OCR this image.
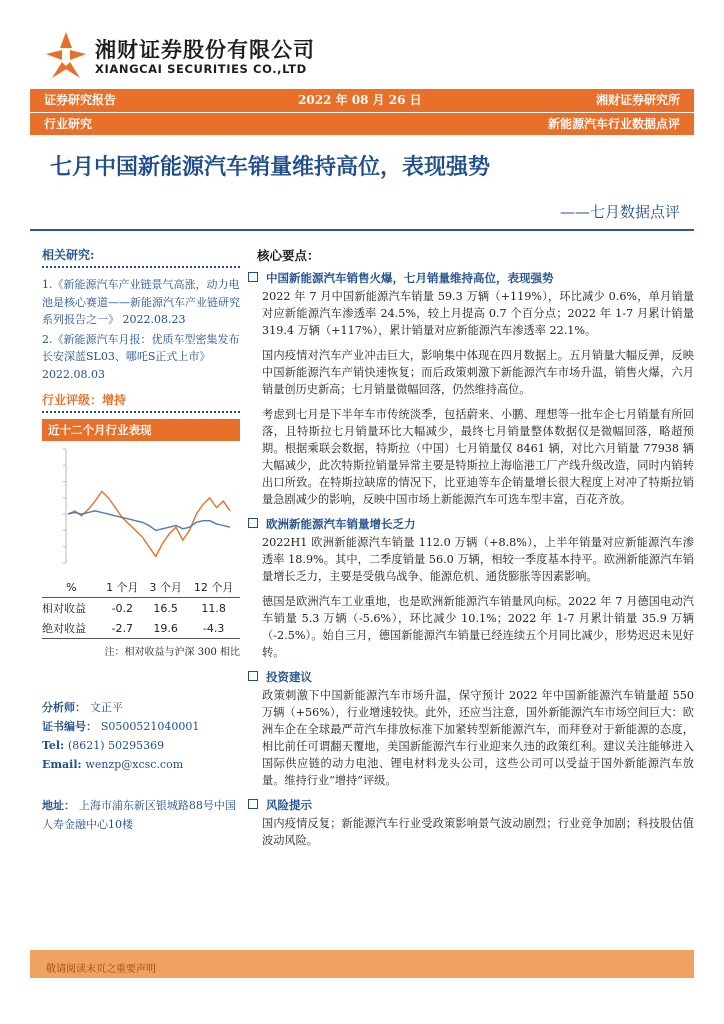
湘财证券股份有限公司
XIANGCAI SECURITIES CO.,LTD
证券研究报告	2022 年 08 月 26 日	湘财证券研究所
行业研究	新能源汽车行业数据点评
七月中国新能源汽车销量维持高位，表现强势
——七月数据点评
相关研究:
1.《新能源汽车产业链景气高涨，动力电池是核心赛道——新能源汽车产业链研究系列报告之一》 2022.08.23
2.《新能源汽车月报：优质车型密集发布 长安深蓝SL03、哪吒S正式上市》2022.08.03
行业评级：增持
近十二个月行业表现
%	1 个月	3 个月	12 个月
相对收益	-0.2	16.5	11.8
绝对收益	-2.7	19.6	-4.3
注：相对收益与沪深 300 相比
分析师： 文正平
证书编号： S0500521040001
Tel: (8621) 50295369
Email: wenzp@xcsc.com
地址： 上海市浦东新区银城路88号中国人寿金融中心10楼
核心要点：
中国新能源汽车销售火爆，七月销量维持高位，表现强势

2022 年 7 月中国新能源汽车销量 59.3 万辆（+119%），环比减少 0.6%，单月销量对应新能源汽车渗透率 24.5%，较上月提高 0.7 个百分点；2022 年 1-7 月累计销量 319.4 万辆（+117%），累计销量对应新能源汽车渗透率 22.1%。

国内疫情对汽车产业冲击巨大，影响集中体现在四月数据上。五月销量大幅反弹，反映中国新能源汽车产销快速恢复；而后政策刺激下新能源汽车市场升温，销售火爆，六月销量创历史新高；七月销量微幅回落，仍然维持高位。

考虑到七月是下半年车市传统淡季，包括蔚来、小鹏、理想等一批车企七月销量有所回落，且特斯拉七月销量环比大幅减少，最终七月销量整体数据仅是微幅回落，略超预期。根据乘联会数据，特斯拉（中国）七月销量仅 8461 辆，对比六月销量 77938 辆大幅减少，此次特斯拉销量异常主要是特斯拉上海临港工厂产线升级改造，同时内销转出口所致。在特斯拉缺席的情况下，比亚迪等车企销量增长很大程度上对冲了特斯拉销量急剧减少的影响，反映中国市场上新能源汽车可选车型丰富，百花齐放。

欧洲新能源汽车销量增长乏力

2022H1 欧洲新能源汽车销量 112.0 万辆（+8.8%），上半年销量对应新能源汽车渗透率 18.9%。其中，二季度销量 56.0 万辆，相较一季度基本持平。欧洲新能源汽车销量增长乏力，主要是受俄乌战争、能源危机、通货膨胀等因素影响。

德国是欧洲汽车工业重地，也是欧洲新能源汽车销量风向标。2022 年 7 月德国电动汽车销量 5.3 万辆（-5.6%），环比减少 10.1%；2022 年 1-7 月累计销量 35.9 万辆（-2.5%）。始自三月，德国新能源汽车销量已经连续五个月同比减少，形势迟迟未见好转。

投资建议

政策刺激下中国新能源汽车市场升温，保守预计 2022 年中国新能源汽车销量超 550 万辆（+56%），行业增速较快。此外，还应当注意，国外新能源汽车市场空间巨大：欧洲车企在全球最严苛汽车排放标准下加紧转型新能源汽车，而拜登对于新能源的态度，相比前任可谓翻天覆地，美国新能源汽车行业迎来久违的政策红利。建议关注能够进入国际供应链的动力电池、锂电材料龙头公司，这些公司可以受益于国外新能源汽车放量。维持行业“增持”评级。

风险提示

国内疫情反复；新能源汽车行业受政策影响景气波动剧烈；行业竞争加剧；科技股估值波动风险。

敬请阅读末页之重要声明
